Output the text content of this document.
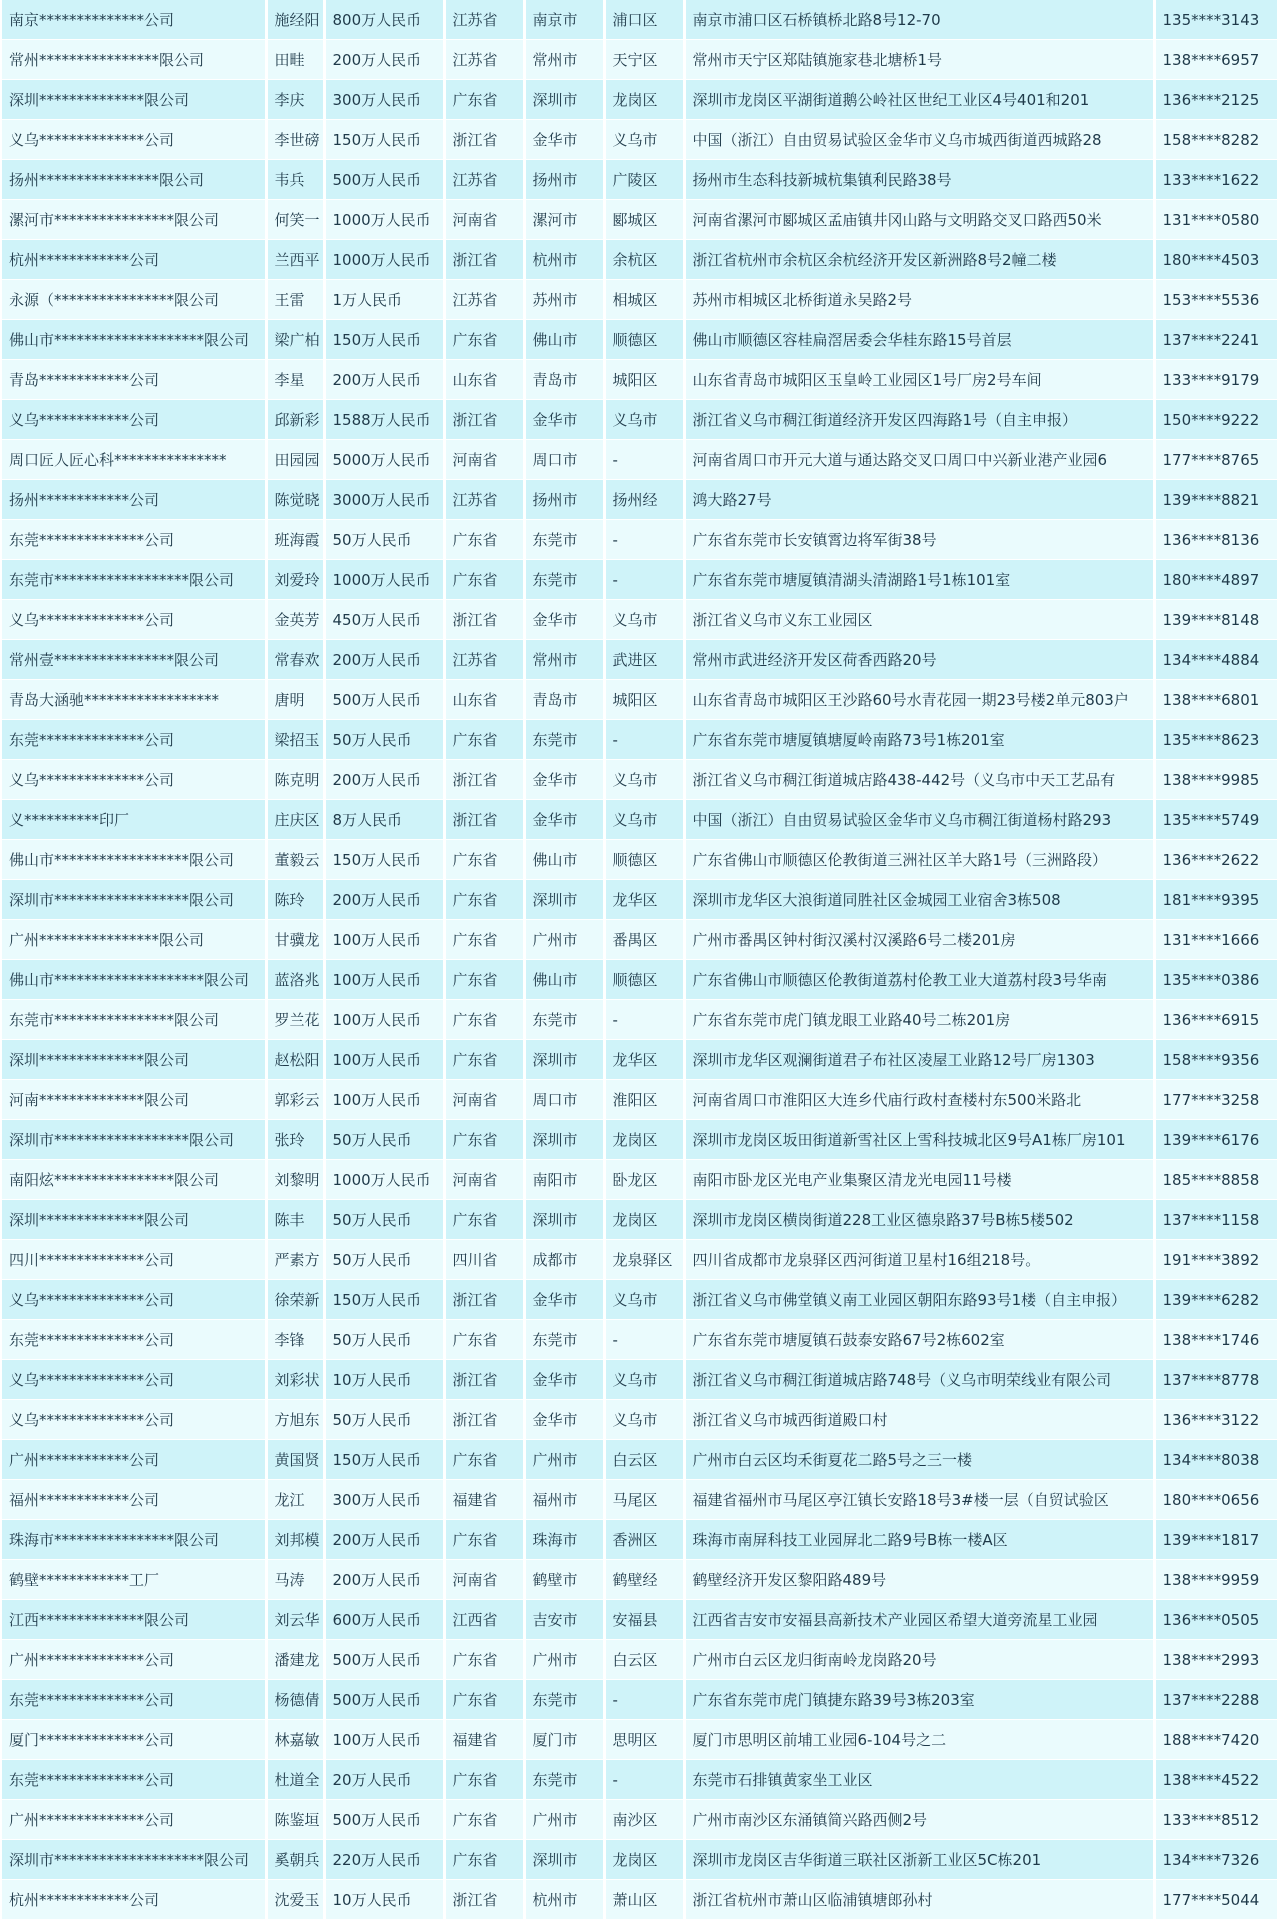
南京**************公司	施经阳	800万人民币	江苏省	南京市	浦口区	南京市浦口区石桥镇桥北路8号12-70	135****3143
常州****************限公司	田畦	200万人民币	江苏省	常州市	天宁区	常州市天宁区郑陆镇施家巷北塘桥1号	138****6957
深圳**************限公司	李庆	300万人民币	广东省	深圳市	龙岗区	深圳市龙岗区平湖街道鹅公岭社区世纪工业区4号401和201	136****2125
义乌**************公司	李世磅	150万人民币	浙江省	金华市	义乌市	中国（浙江）自由贸易试验区金华市义乌市城西街道西城路28	158****8282
扬州****************限公司	韦兵	500万人民币	江苏省	扬州市	广陵区	扬州市生态科技新城杭集镇利民路38号	133****1622
漯河市****************限公司	何笑一	1000万人民币	河南省	漯河市	郾城区	河南省漯河市郾城区孟庙镇井冈山路与文明路交叉口路西50米	131****0580
杭州************公司	兰西平	1000万人民币	浙江省	杭州市	余杭区	浙江省杭州市余杭区余杭经济开发区新洲路8号2幢二楼	180****4503
永源（****************限公司	王雷	1万人民币	江苏省	苏州市	相城区	苏州市相城区北桥街道永吴路2号	153****5536
佛山市********************限公司	梁广柏	150万人民币	广东省	佛山市	顺德区	佛山市顺德区容桂扁滘居委会华桂东路15号首层	137****2241
青岛************公司	李星	200万人民币	山东省	青岛市	城阳区	山东省青岛市城阳区玉皇岭工业园区1号厂房2号车间	133****9179
义乌************公司	邱新彩	1588万人民币	浙江省	金华市	义乌市	浙江省义乌市稠江街道经济开发区四海路1号（自主申报）	150****9222
周口匠人匠心科***************	田园园	5000万人民币	河南省	周口市	-	河南省周口市开元大道与通达路交叉口周口中兴新业港产业园6	177****8765
扬州************公司	陈觉晓	3000万人民币	江苏省	扬州市	扬州经	鸿大路27号	139****8821
东莞**************公司	班海霞	50万人民币	广东省	东莞市	-	广东省东莞市长安镇霄边将军街38号	136****8136
东莞市******************限公司	刘爱玲	1000万人民币	广东省	东莞市	-	广东省东莞市塘厦镇清湖头清湖路1号1栋101室	180****4897
义乌**************公司	金英芳	450万人民币	浙江省	金华市	义乌市	浙江省义乌市义东工业园区	139****8148
常州壹****************限公司	常春欢	200万人民币	江苏省	常州市	武进区	常州市武进经济开发区荷香西路20号	134****4884
青岛大涵驰******************	唐明	500万人民币	山东省	青岛市	城阳区	山东省青岛市城阳区王沙路60号水青花园一期23号楼2单元803户	138****6801
东莞**************公司	梁招玉	50万人民币	广东省	东莞市	-	广东省东莞市塘厦镇塘厦岭南路73号1栋201室	135****8623
义乌**************公司	陈克明	200万人民币	浙江省	金华市	义乌市	浙江省义乌市稠江街道城店路438-442号（义乌市中天工艺品有	138****9985
义**********印厂	庄庆区	8万人民币	浙江省	金华市	义乌市	中国（浙江）自由贸易试验区金华市义乌市稠江街道杨村路293	135****5749
佛山市******************限公司	董毅云	150万人民币	广东省	佛山市	顺德区	广东省佛山市顺德区伦教街道三洲社区羊大路1号（三洲路段）	136****2622
深圳市******************限公司	陈玲	200万人民币	广东省	深圳市	龙华区	深圳市龙华区大浪街道同胜社区金城园工业宿舍3栋508	181****9395
广州****************限公司	甘骥龙	100万人民币	广东省	广州市	番禺区	广州市番禺区钟村街汉溪村汉溪路6号二楼201房	131****1666
佛山市********************限公司	蓝洛兆	100万人民币	广东省	佛山市	顺德区	广东省佛山市顺德区伦教街道荔村伦教工业大道荔村段3号华南	135****0386
东莞市****************限公司	罗兰花	100万人民币	广东省	东莞市	-	广东省东莞市虎门镇龙眼工业路40号二栋201房	136****6915
深圳**************限公司	赵松阳	100万人民币	广东省	深圳市	龙华区	深圳市龙华区观澜街道君子布社区凌屋工业路12号厂房1303	158****9356
河南**************限公司	郭彩云	100万人民币	河南省	周口市	淮阳区	河南省周口市淮阳区大连乡代庙行政村查楼村东500米路北	177****3258
深圳市******************限公司	张玲	50万人民币	广东省	深圳市	龙岗区	深圳市龙岗区坂田街道新雪社区上雪科技城北区9号A1栋厂房101	139****6176
南阳炫****************限公司	刘黎明	1000万人民币	河南省	南阳市	卧龙区	南阳市卧龙区光电产业集聚区清龙光电园11号楼	185****8858
深圳**************限公司	陈丰	50万人民币	广东省	深圳市	龙岗区	深圳市龙岗区横岗街道228工业区德泉路37号B栋5楼502	137****1158
四川**************公司	严素方	50万人民币	四川省	成都市	龙泉驿区	四川省成都市龙泉驿区西河街道卫星村16组218号。	191****3892
义乌**************公司	徐荣新	150万人民币	浙江省	金华市	义乌市	浙江省义乌市佛堂镇义南工业园区朝阳东路93号1楼（自主申报）	139****6282
东莞**************公司	李锋	50万人民币	广东省	东莞市	-	广东省东莞市塘厦镇石鼓泰安路67号2栋602室	138****1746
义乌**************公司	刘彩状	10万人民币	浙江省	金华市	义乌市	浙江省义乌市稠江街道城店路748号（义乌市明荣线业有限公司	137****8778
义乌**************公司	方旭东	50万人民币	浙江省	金华市	义乌市	浙江省义乌市城西街道殿口村	136****3122
广州************公司	黄国贤	150万人民币	广东省	广州市	白云区	广州市白云区均禾街夏花二路5号之三一楼	134****8038
福州************公司	龙江	300万人民币	福建省	福州市	马尾区	福建省福州市马尾区亭江镇长安路18号3#楼一层（自贸试验区	180****0656
珠海市****************限公司	刘邦模	200万人民币	广东省	珠海市	香洲区	珠海市南屏科技工业园屏北二路9号B栋一楼A区	139****1817
鹤壁************工厂	马涛	200万人民币	河南省	鹤壁市	鹤壁经	鹤壁经济开发区黎阳路489号	138****9959
江西**************限公司	刘云华	600万人民币	江西省	吉安市	安福县	江西省吉安市安福县高新技术产业园区希望大道旁流星工业园	136****0505
广州**************公司	潘建龙	500万人民币	广东省	广州市	白云区	广州市白云区龙归街南岭龙岗路20号	138****2993
东莞**************公司	杨德倩	500万人民币	广东省	东莞市	-	广东省东莞市虎门镇捷东路39号3栋203室	137****2288
厦门**************公司	林嘉敏	100万人民币	福建省	厦门市	思明区	厦门市思明区前埔工业园6-104号之二	188****7420
东莞**************公司	杜道全	20万人民币	广东省	东莞市	-	东莞市石排镇黄家坐工业区	138****4522
广州**************公司	陈鉴垣	500万人民币	广东省	广州市	南沙区	广州市南沙区东涌镇简兴路西侧2号	133****8512
深圳市********************限公司	奚朝兵	220万人民币	广东省	深圳市	龙岗区	深圳市龙岗区吉华街道三联社区浙新工业区5C栋201	134****7326
杭州************公司	沈爱玉	10万人民币	浙江省	杭州市	萧山区	浙江省杭州市萧山区临浦镇塘郎孙村	177****5044
